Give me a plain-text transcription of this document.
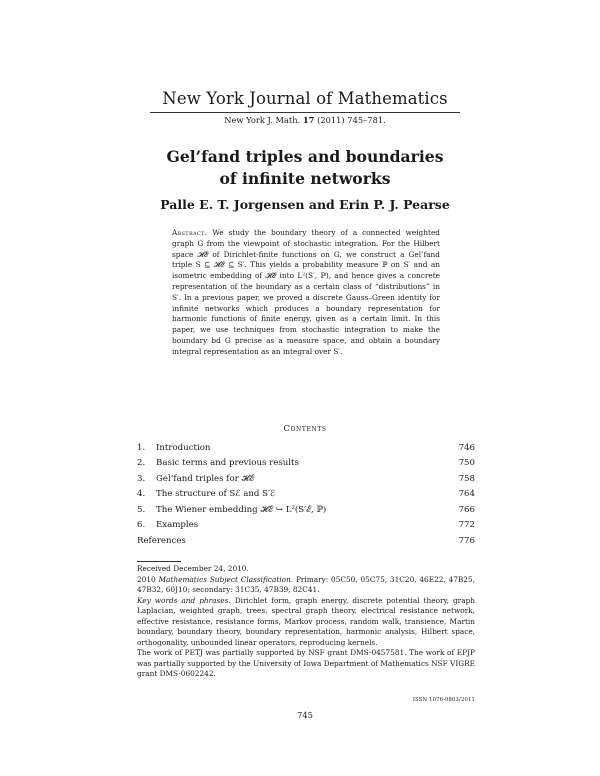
New York Journal of Mathematics
New York J. Math. 17 (2011) 745–781.
Gel’fand triples and boundaries
of infinite networks
Palle E. T. Jorgensen and Erin P. J. Pearse
Abstract. We study the boundary theory of a connected weighted graph G from the viewpoint of stochastic integration. For the Hilbert space 𝓗ℰ of Dirichlet-finite functions on G, we construct a Gel’fand triple S ⊆ 𝓗ℰ ⊆ S′. This yields a probability measure ℙ on S′ and an isometric embedding of 𝓗ℰ into L²(S′, ℙ), and hence gives a concrete representation of the boundary as a certain class of “distributions” in S′. In a previous paper, we proved a discrete Gauss–Green identity for infinite networks which produces a boundary representation for harmonic functions of finite energy, given as a certain limit. In this paper, we use techniques from stochastic integration to make the boundary bd G precise as a measure space, and obtain a boundary integral representation as an integral over S′.
Contents
1.	Introduction	746
2.	Basic terms and previous results	750
3.	Gel’fand triples for 𝓗ℰ	758
4.	The structure of Sℰ and S′ℰ	764
5.	The Wiener embedding 𝓗ℰ ↪ L²(S′ℰ, ℙ)	766
6.	Examples	772
References	776

Received December 24, 2010.

2010 Mathematics Subject Classification. Primary: 05C50, 05C75, 31C20, 46E22, 47B25, 47B32, 60J10; secondary: 31C35, 47B39, 82C41.

Key words and phrases. Dirichlet form, graph energy, discrete potential theory, graph Laplacian, weighted graph, trees, spectral graph theory, electrical resistance network, effective resistance, resistance forms, Markov process, random walk, transience, Martin boundary, boundary theory, boundary representation, harmonic analysis, Hilbert space, orthogonality, unbounded linear operators, reproducing kernels.

The work of PETJ was partially supported by NSF grant DMS-0457581. The work of EPJP was partially supported by the University of Iowa Department of Mathematics NSF VIGRE grant DMS-0602242.

ISSN 1076-9803/2011
745
